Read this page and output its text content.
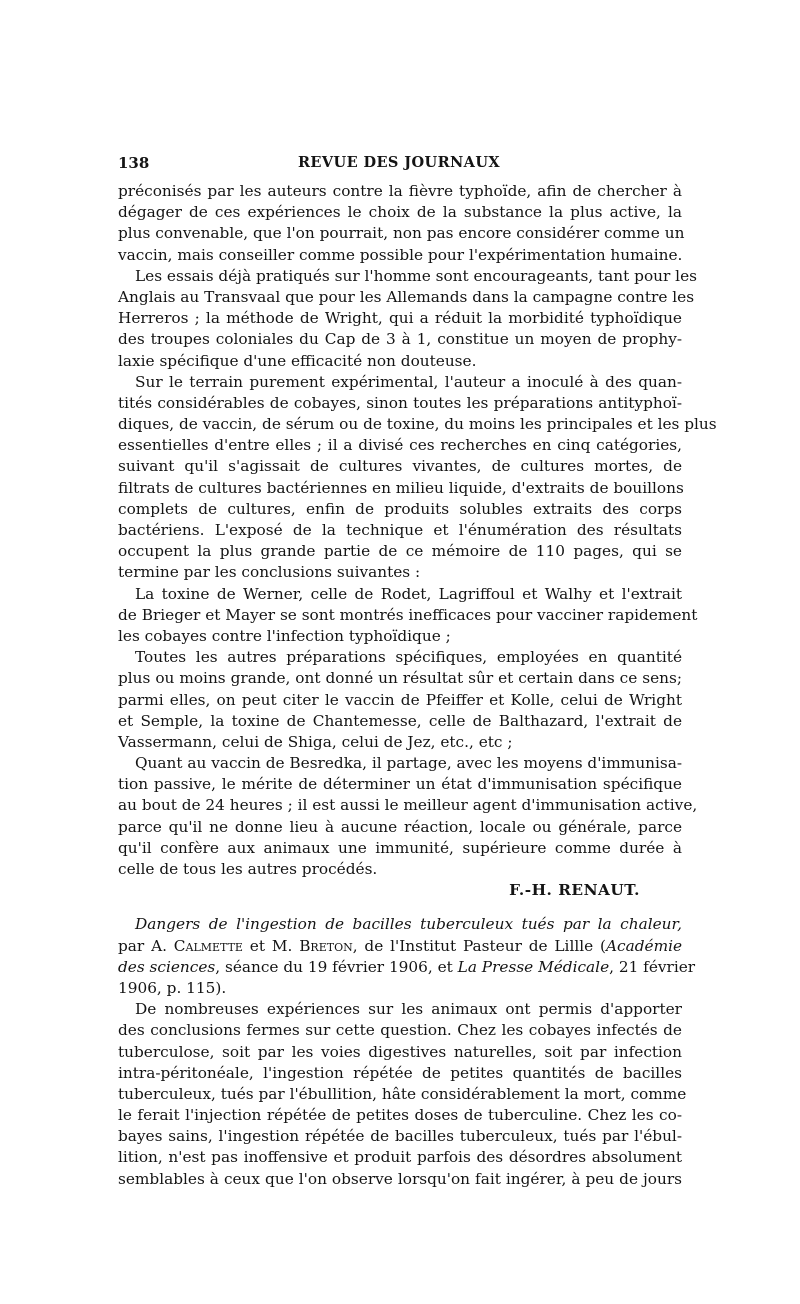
138	REVUE DES JOURNAUX
préconisés par les auteurs contre la fièvre typhoïde, afin de chercher à
dégager de ces expériences le choix de la substance la plus active, la
plus convenable, que l'on pourrait, non pas encore considérer comme un
vaccin, mais conseiller comme possible pour l'expérimentation humaine.
Les essais déjà pratiqués sur l'homme sont encourageants, tant pour les
Anglais au Transvaal que pour les Allemands dans la campagne contre les
Herreros ; la méthode de Wright, qui a réduit la morbidité typhoïdique
des troupes coloniales du Cap de 3 à 1, constitue un moyen de prophy-
laxie spécifique d'une efficacité non douteuse.
Sur le terrain purement expérimental, l'auteur a inoculé à des quan-
tités considérables de cobayes, sinon toutes les préparations antityphoï-
diques, de vaccin, de sérum ou de toxine, du moins les principales et les plus
essentielles d'entre elles ; il a divisé ces recherches en cinq catégories,
suivant qu'il s'agissait de cultures vivantes, de cultures mortes, de
filtrats de cultures bactériennes en milieu liquide, d'extraits de bouillons
complets de cultures, enfin de produits solubles extraits des corps
bactériens. L'exposé de la technique et l'énumération des résultats
occupent la plus grande partie de ce mémoire de 110 pages, qui se
termine par les conclusions suivantes :
La toxine de Werner, celle de Rodet, Lagriffoul et Walhy et l'extrait
de Brieger et Mayer se sont montrés inefficaces pour vacciner rapidement
les cobayes contre l'infection typhoïdique ;
Toutes les autres préparations spécifiques, employées en quantité
plus ou moins grande, ont donné un résultat sûr et certain dans ce sens;
parmi elles, on peut citer le vaccin de Pfeiffer et Kolle, celui de Wright
et Semple, la toxine de Chantemesse, celle de Balthazard, l'extrait de
Vassermann, celui de Shiga, celui de Jez, etc., etc ;
Quant au vaccin de Besredka, il partage, avec les moyens d'immunisa-
tion passive, le mérite de déterminer un état d'immunisation spécifique
au bout de 24 heures ; il est aussi le meilleur agent d'immunisation active,
parce qu'il ne donne lieu à aucune réaction, locale ou générale, parce
qu'il confère aux animaux une immunité, supérieure comme durée à
celle de tous les autres procédés.
F.-H. RENAUT.
Dangers de l'ingestion de bacilles tuberculeux tués par la chaleur,
par A. Calmette et M. Breton, de l'Institut Pasteur de Lillle (Académie
des sciences, séance du 19 février 1906, et La Presse Médicale, 21 février
1906, p. 115).
De nombreuses expériences sur les animaux ont permis d'apporter
des conclusions fermes sur cette question. Chez les cobayes infectés de
tuberculose, soit par les voies digestives naturelles, soit par infection
intra-péritonéale, l'ingestion répétée de petites quantités de bacilles
tuberculeux, tués par l'ébullition, hâte considérablement la mort, comme
le ferait l'injection répétée de petites doses de tuberculine. Chez les co-
bayes sains, l'ingestion répétée de bacilles tuberculeux, tués par l'ébul-
lition, n'est pas inoffensive et produit parfois des désordres absolument
semblables à ceux que l'on observe lorsqu'on fait ingérer, à peu de jours
